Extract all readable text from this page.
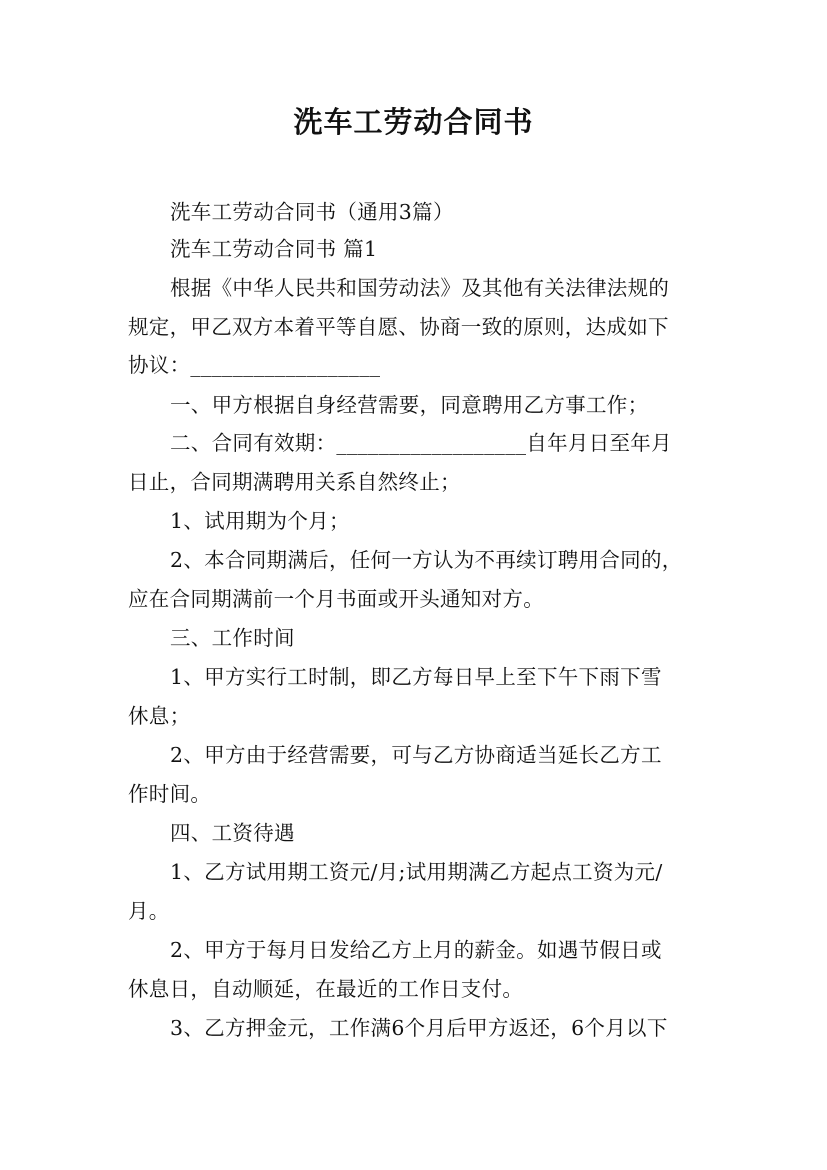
洗车工劳动合同书
洗车工劳动合同书（通用3篇）
洗车工劳动合同书 篇1
根据《中华人民共和国劳动法》及其他有关法律法规的
规定，甲乙双方本着平等自愿、协商一致的原则，达成如下
协议：__________________
一、甲方根据自身经营需要，同意聘用乙方事工作；
二、合同有效期：__________________自年月日至年月
日止，合同期满聘用关系自然终止；
1、试用期为个月；
2、本合同期满后，任何一方认为不再续订聘用合同的，
应在合同期满前一个月书面或开头通知对方。
三、工作时间
1、甲方实行工时制，即乙方每日早上至下午下雨下雪
休息；
2、甲方由于经营需要，可与乙方协商适当延长乙方工
作时间。
四、工资待遇
1、乙方试用期工资元/月;试用期满乙方起点工资为元/
月。
2、甲方于每月日发给乙方上月的薪金。如遇节假日或
休息日，自动顺延，在最近的工作日支付。
3、乙方押金元，工作满6个月后甲方返还，6个月以下
